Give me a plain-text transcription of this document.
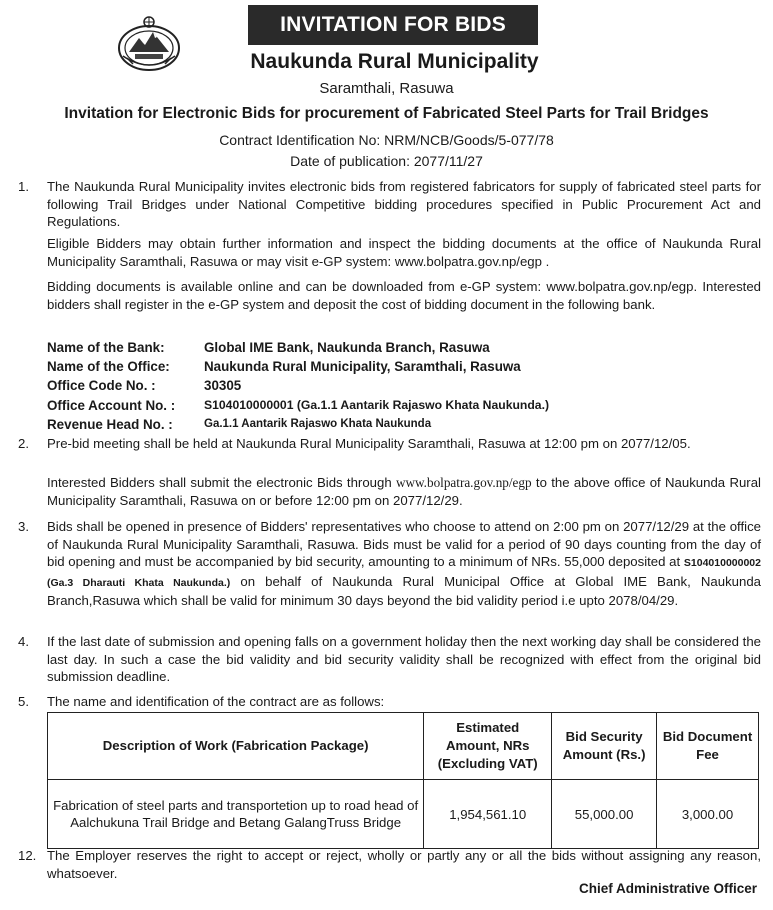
INVITATION FOR BIDS
Naukunda Rural Municipality
Saramthali, Rasuwa
Invitation for Electronic Bids for procurement of Fabricated Steel Parts for Trail Bridges
Contract Identification No: NRM/NCB/Goods/5-077/78
Date of publication: 2077/11/27
1. The Naukunda Rural Municipality invites electronic bids from registered fabricators for supply of fabricated steel parts for following Trail Bridges under National Competitive bidding procedures specified in Public Procurement Act and Regulations.
Eligible Bidders may obtain further information and inspect the bidding documents at the office of Naukunda Rural Municipality Saramthali, Rasuwa or may visit e-GP system: www.bolpatra.gov.np/egp .
Bidding documents is available online and can be downloaded from e-GP system: www.bolpatra.gov.np/egp. Interested bidders shall register in the e-GP system and deposit the cost of bidding document in the following bank.
Name of the Bank:	Global IME Bank, Naukunda Branch, Rasuwa
Name of the Office:	Naukunda Rural Municipality, Saramthali, Rasuwa
Office Code No. :	30305
Office Account No. : S104010000001 (Ga.1.1 Aantarik Rajaswo Khata Naukunda.)
Revenue Head No. :	Ga.1.1 Aantarik Rajaswo Khata Naukunda
2. Pre-bid meeting shall be held at Naukunda Rural Municipality Saramthali, Rasuwa at 12:00 pm on 2077/12/05.
Interested Bidders shall submit the electronic Bids through www.bolpatra.gov.np/egp to the above office of Naukunda Rural Municipality Saramthali, Rasuwa on or before 12:00 pm on 2077/12/29.
3. Bids shall be opened in presence of Bidders' representatives who choose to attend on 2:00 pm on 2077/12/29 at the office of Naukunda Rural Municipality Saramthali, Rasuwa. Bids must be valid for a period of 90 days counting from the day of bid opening and must be accompanied by bid security, amounting to a minimum of NRs. 55,000 deposited at S104010000002 (Ga.3 Dharauti Khata Naukunda.) on behalf of Naukunda Rural Municipal Office at Global IME Bank, Naukunda Branch,Rasuwa which shall be valid for minimum 30 days beyond the bid validity period i.e upto 2078/04/29.
4. If the last date of submission and opening falls on a government holiday then the next working day shall be considered the last day. In such a case the bid validity and bid security validity shall be recognized with effect from the original bid submission deadline.
5. The name and identification of the contract are as follows:
Description of Work (Fabrication Package)	Estimated Amount, NRs (Excluding VAT)	Bid Security Amount (Rs.)	Bid Document Fee
Fabrication of steel parts and transportetion up to road head of Aalchukuna Trail Bridge and Betang GalangTruss Bridge	1,954,561.10	55,000.00	3,000.00
12. The Employer reserves the right to accept or reject, wholly or partly any or all the bids without assigning any reason, whatsoever.
Chief Administrative Officer
